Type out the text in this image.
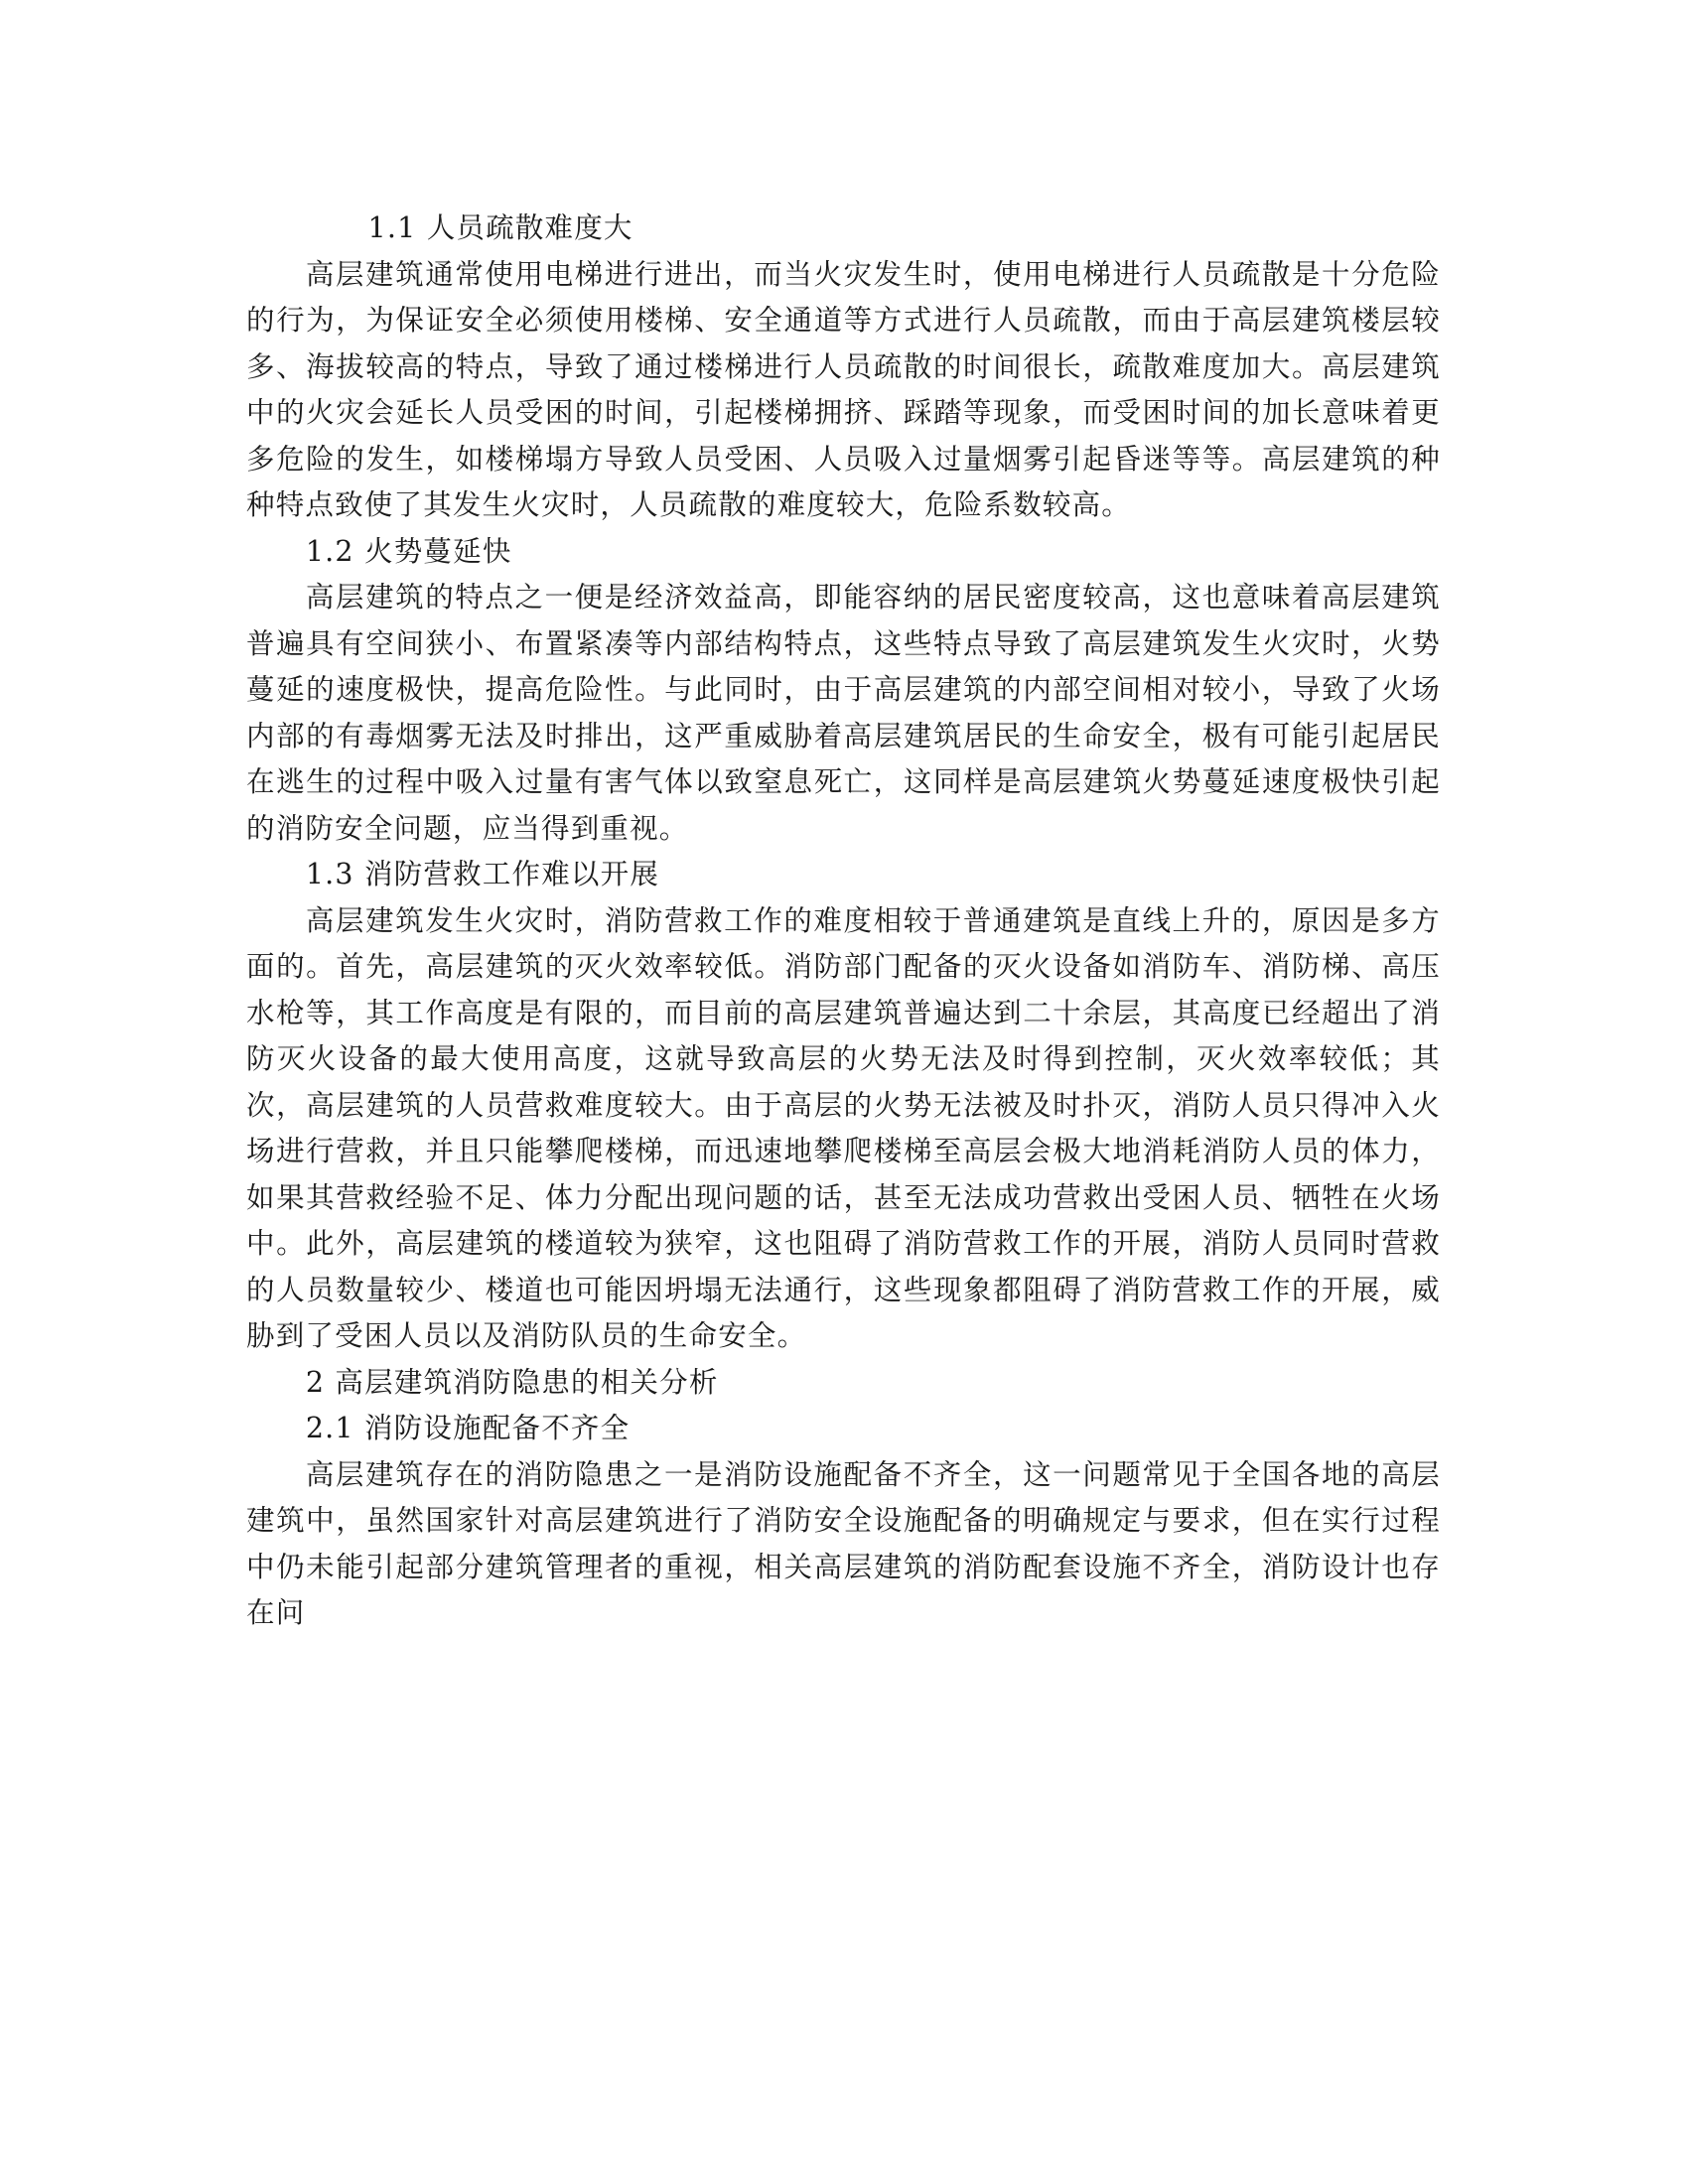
1.1 人员疏散难度大

高层建筑通常使用电梯进行进出，而当火灾发生时，使用电梯进行人员疏散是十分危险的行为，为保证安全必须使用楼梯、安全通道等方式进行人员疏散，而由于高层建筑楼层较多、海拔较高的特点，导致了通过楼梯进行人员疏散的时间很长，疏散难度加大。高层建筑中的火灾会延长人员受困的时间，引起楼梯拥挤、踩踏等现象，而受困时间的加长意味着更多危险的发生，如楼梯塌方导致人员受困、人员吸入过量烟雾引起昏迷等等。高层建筑的种种特点致使了其发生火灾时，人员疏散的难度较大，危险系数较高。

1.2 火势蔓延快

高层建筑的特点之一便是经济效益高，即能容纳的居民密度较高，这也意味着高层建筑普遍具有空间狭小、布置紧凑等内部结构特点，这些特点导致了高层建筑发生火灾时，火势蔓延的速度极快，提高危险性。与此同时，由于高层建筑的内部空间相对较小，导致了火场内部的有毒烟雾无法及时排出，这严重威胁着高层建筑居民的生命安全，极有可能引起居民在逃生的过程中吸入过量有害气体以致窒息死亡，这同样是高层建筑火势蔓延速度极快引起的消防安全问题，应当得到重视。

1.3 消防营救工作难以开展

高层建筑发生火灾时，消防营救工作的难度相较于普通建筑是直线上升的，原因是多方面的。首先，高层建筑的灭火效率较低。消防部门配备的灭火设备如消防车、消防梯、高压水枪等，其工作高度是有限的，而目前的高层建筑普遍达到二十余层，其高度已经超出了消防灭火设备的最大使用高度，这就导致高层的火势无法及时得到控制，灭火效率较低；其次，高层建筑的人员营救难度较大。由于高层的火势无法被及时扑灭，消防人员只得冲入火场进行营救，并且只能攀爬楼梯，而迅速地攀爬楼梯至高层会极大地消耗消防人员的体力，如果其营救经验不足、体力分配出现问题的话，甚至无法成功营救出受困人员、牺牲在火场中。此外，高层建筑的楼道较为狭窄，这也阻碍了消防营救工作的开展，消防人员同时营救的人员数量较少、楼道也可能因坍塌无法通行，这些现象都阻碍了消防营救工作的开展，威胁到了受困人员以及消防队员的生命安全。

2 高层建筑消防隐患的相关分析

2.1 消防设施配备不齐全

高层建筑存在的消防隐患之一是消防设施配备不齐全，这一问题常见于全国各地的高层建筑中，虽然国家针对高层建筑进行了消防安全设施配备的明确规定与要求，但在实行过程中仍未能引起部分建筑管理者的重视，相关高层建筑的消防配套设施不齐全，消防设计也存在问
